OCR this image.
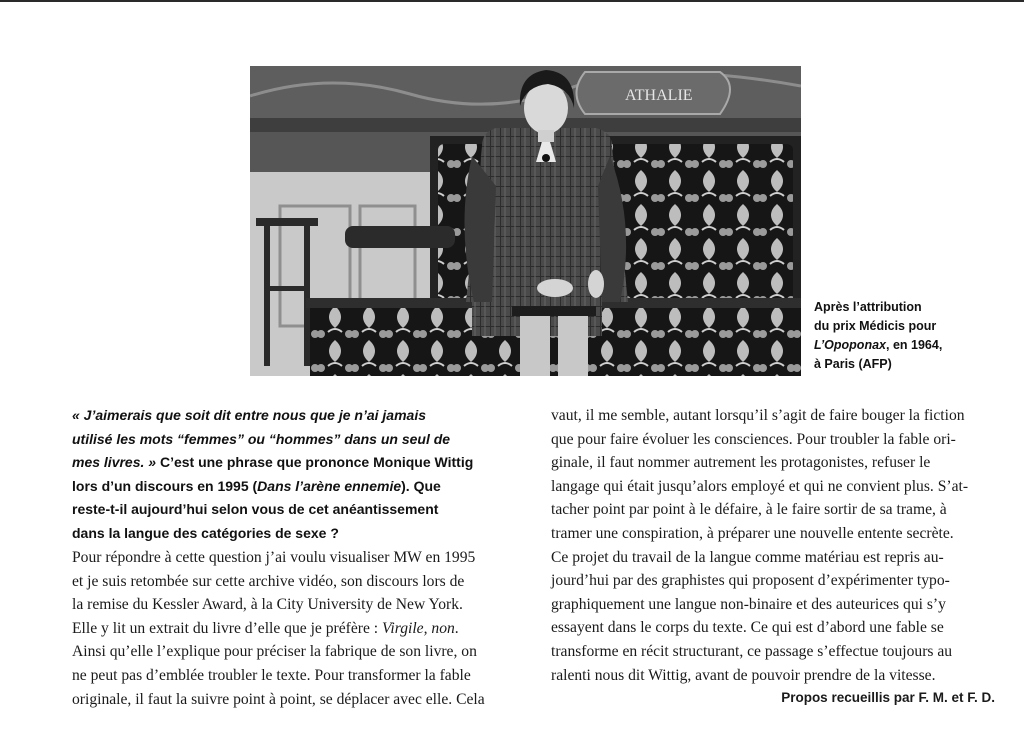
ATHALIE
Après l’attribution
du prix Médicis pour
L’Opoponax, en 1964,
à Paris (AFP)
« J’aimerais que soit dit entre nous que je n’ai jamais
utilisé les mots “femmes” ou “hommes” dans un seul de
mes livres. » C’est une phrase que prononce Monique Wittig
lors d’un discours en 1995 (Dans l’arène ennemie). Que
reste-t-il aujourd’hui selon vous de cet anéantissement
dans la langue des catégories de sexe ?
Pour répondre à cette question j’ai voulu visualiser MW en 1995
et je suis retombée sur cette archive vidéo, son discours lors de
la remise du Kessler Award, à la City University de New York.
Elle y lit un extrait du livre d’elle que je préfère : Virgile, non.
Ainsi qu’elle l’explique pour préciser la fabrique de son livre, on
ne peut pas d’emblée troubler le texte. Pour transformer la fable
originale, il faut la suivre point à point, se déplacer avec elle. Cela
vaut, il me semble, autant lorsqu’il s’agit de faire bouger la fiction
que pour faire évoluer les consciences. Pour troubler la fable ori-
ginale, il faut nommer autrement les protagonistes, refuser le
langage qui était jusqu’alors employé et qui ne convient plus. S’at-
tacher point par point à le défaire, à le faire sortir de sa trame, à
tramer une conspiration, à préparer une nouvelle entente secrète.
Ce projet du travail de la langue comme matériau est repris au-
jourd’hui par des graphistes qui proposent d’expérimenter typo-
graphiquement une langue non-binaire et des auteurices qui s’y
essayent dans le corps du texte. Ce qui est d’abord une fable se
transforme en récit structurant, ce passage s’effectue toujours au
ralenti nous dit Wittig, avant de pouvoir prendre de la vitesse.
Propos recueillis par F. M. et F. D.
